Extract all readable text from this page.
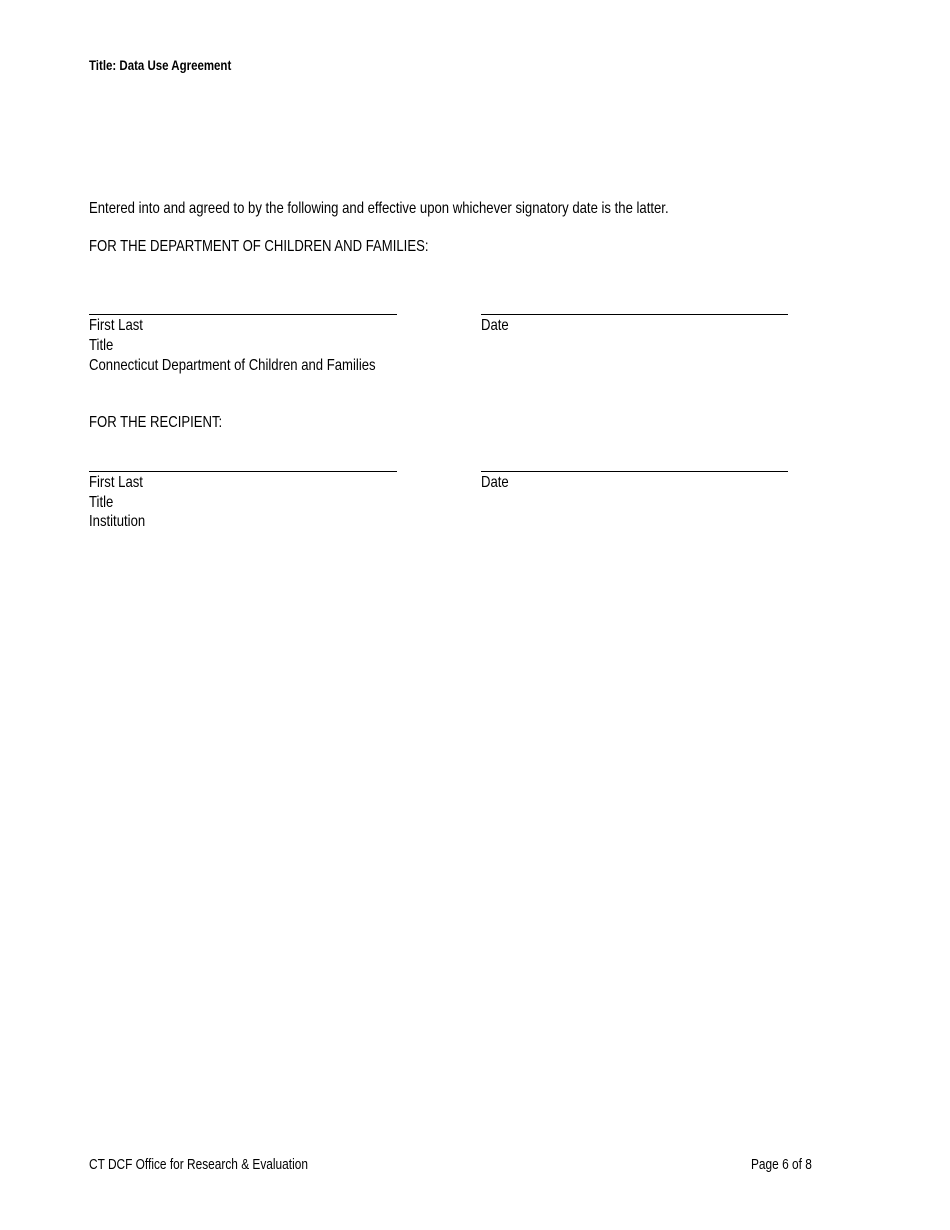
Title: Data Use Agreement
Entered into and agreed to by the following and effective upon whichever signatory date is the latter.
FOR THE DEPARTMENT OF CHILDREN AND FAMILIES:
First Last
Title
Connecticut Department of Children and Families
Date
FOR THE RECIPIENT:
First Last
Title
Institution
Date
CT DCF Office for Research & Evaluation	Page 6 of 8
